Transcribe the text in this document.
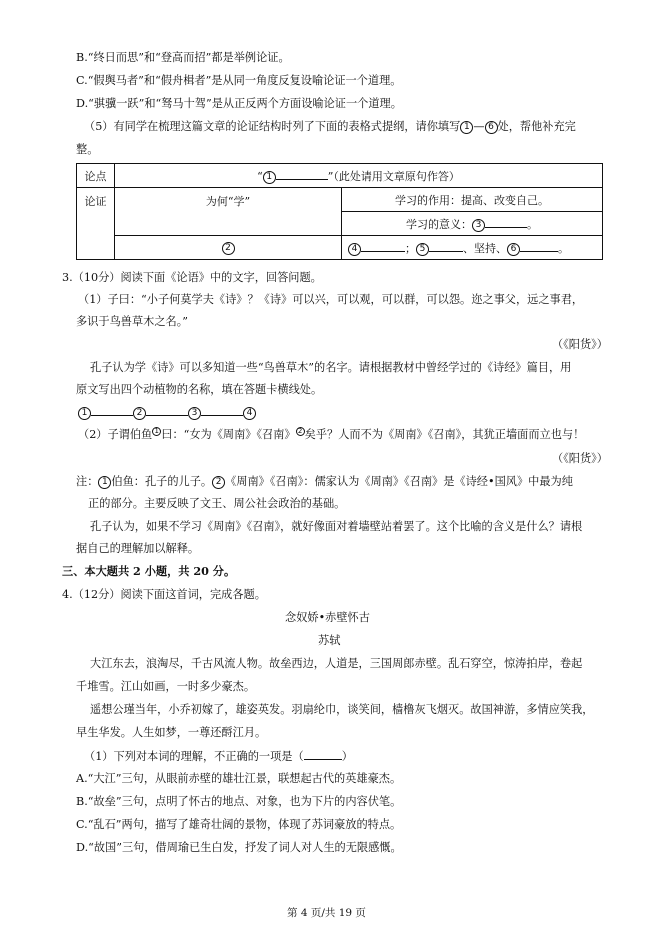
B.“终日而思”和“登高而招”都是举例论证。
C.“假舆马者”和“假舟楫者”是从同一角度反复设喻论证一个道理。
D.“骐骥一跃”和“驽马十驾”是从正反两个方面设喻论证一个道理。
（5）有同学在梳理这篇文章的论证结构时列了下面的表格式提纲，请你填写 1 — 6 处，帮他补充完
整。
论点	“ 1 ”（此处请用文章原句作答）	
论证	为何“学”	学习的作用：提高、改变自己。
		学习的意义： 3 。
	2	4 ； 5 、坚持、 6 。
3.（10分）阅读下面《论语》中的文字，回答问题。
（1）子曰：“小子何莫学夫《诗》？《诗》可以兴，可以观，可以群，可以怨。迩之事父，远之事君，
多识于鸟兽草木之名。”
（《阳货》）
孔子认为学《诗》可以多知道一些“鸟兽草木”的名字。请根据教材中曾经学过的《诗经》篇目，用
原文写出四个动植物的名称，填在答题卡横线处。
1	2	3	4
（2）子谓伯鱼 1 曰：“女为《周南》《召南》 2 矣乎？人而不为《周南》《召南》，其犹正墙面而立也与！
（《阳货》）
注： 1 伯鱼：孔子的儿子。 2 《周南》《召南》：儒家认为《周南》《召南》是《诗经•国风》中最为纯
正的部分。主要反映了文王、周公社会政治的基础。
孔子认为，如果不学习《周南》《召南》，就好像面对着墙壁站着罢了。这个比喻的含义是什么？请根
据自己的理解加以解释。
三、本大题共 2 小题，共 20 分。
4.（12分）阅读下面这首词，完成各题。
念奴娇•赤壁怀古
苏轼
大江东去，浪淘尽，千古风流人物。故垒西边，人道是，三国周郎赤壁。乱石穿空，惊涛拍岸，卷起
千堆雪。江山如画，一时多少豪杰。
遥想公瑾当年，小乔初嫁了，雄姿英发。羽扇纶巾，谈笑间，樯橹灰飞烟灭。故国神游，多情应笑我，
早生华发。人生如梦，一尊还酹江月。
（1）下列对本词的理解，不正确的一项是（	）
A.“大江”三句，从眼前赤壁的雄壮江景，联想起古代的英雄豪杰。
B.“故垒”三句，点明了怀古的地点、对象，也为下片的内容伏笔。
C.“乱石”两句，描写了雄奇壮阔的景物，体现了苏词豪放的特点。
D.“故国”三句，借周瑜已生白发，抒发了词人对人生的无限感慨。
第 4 页/共 19 页
